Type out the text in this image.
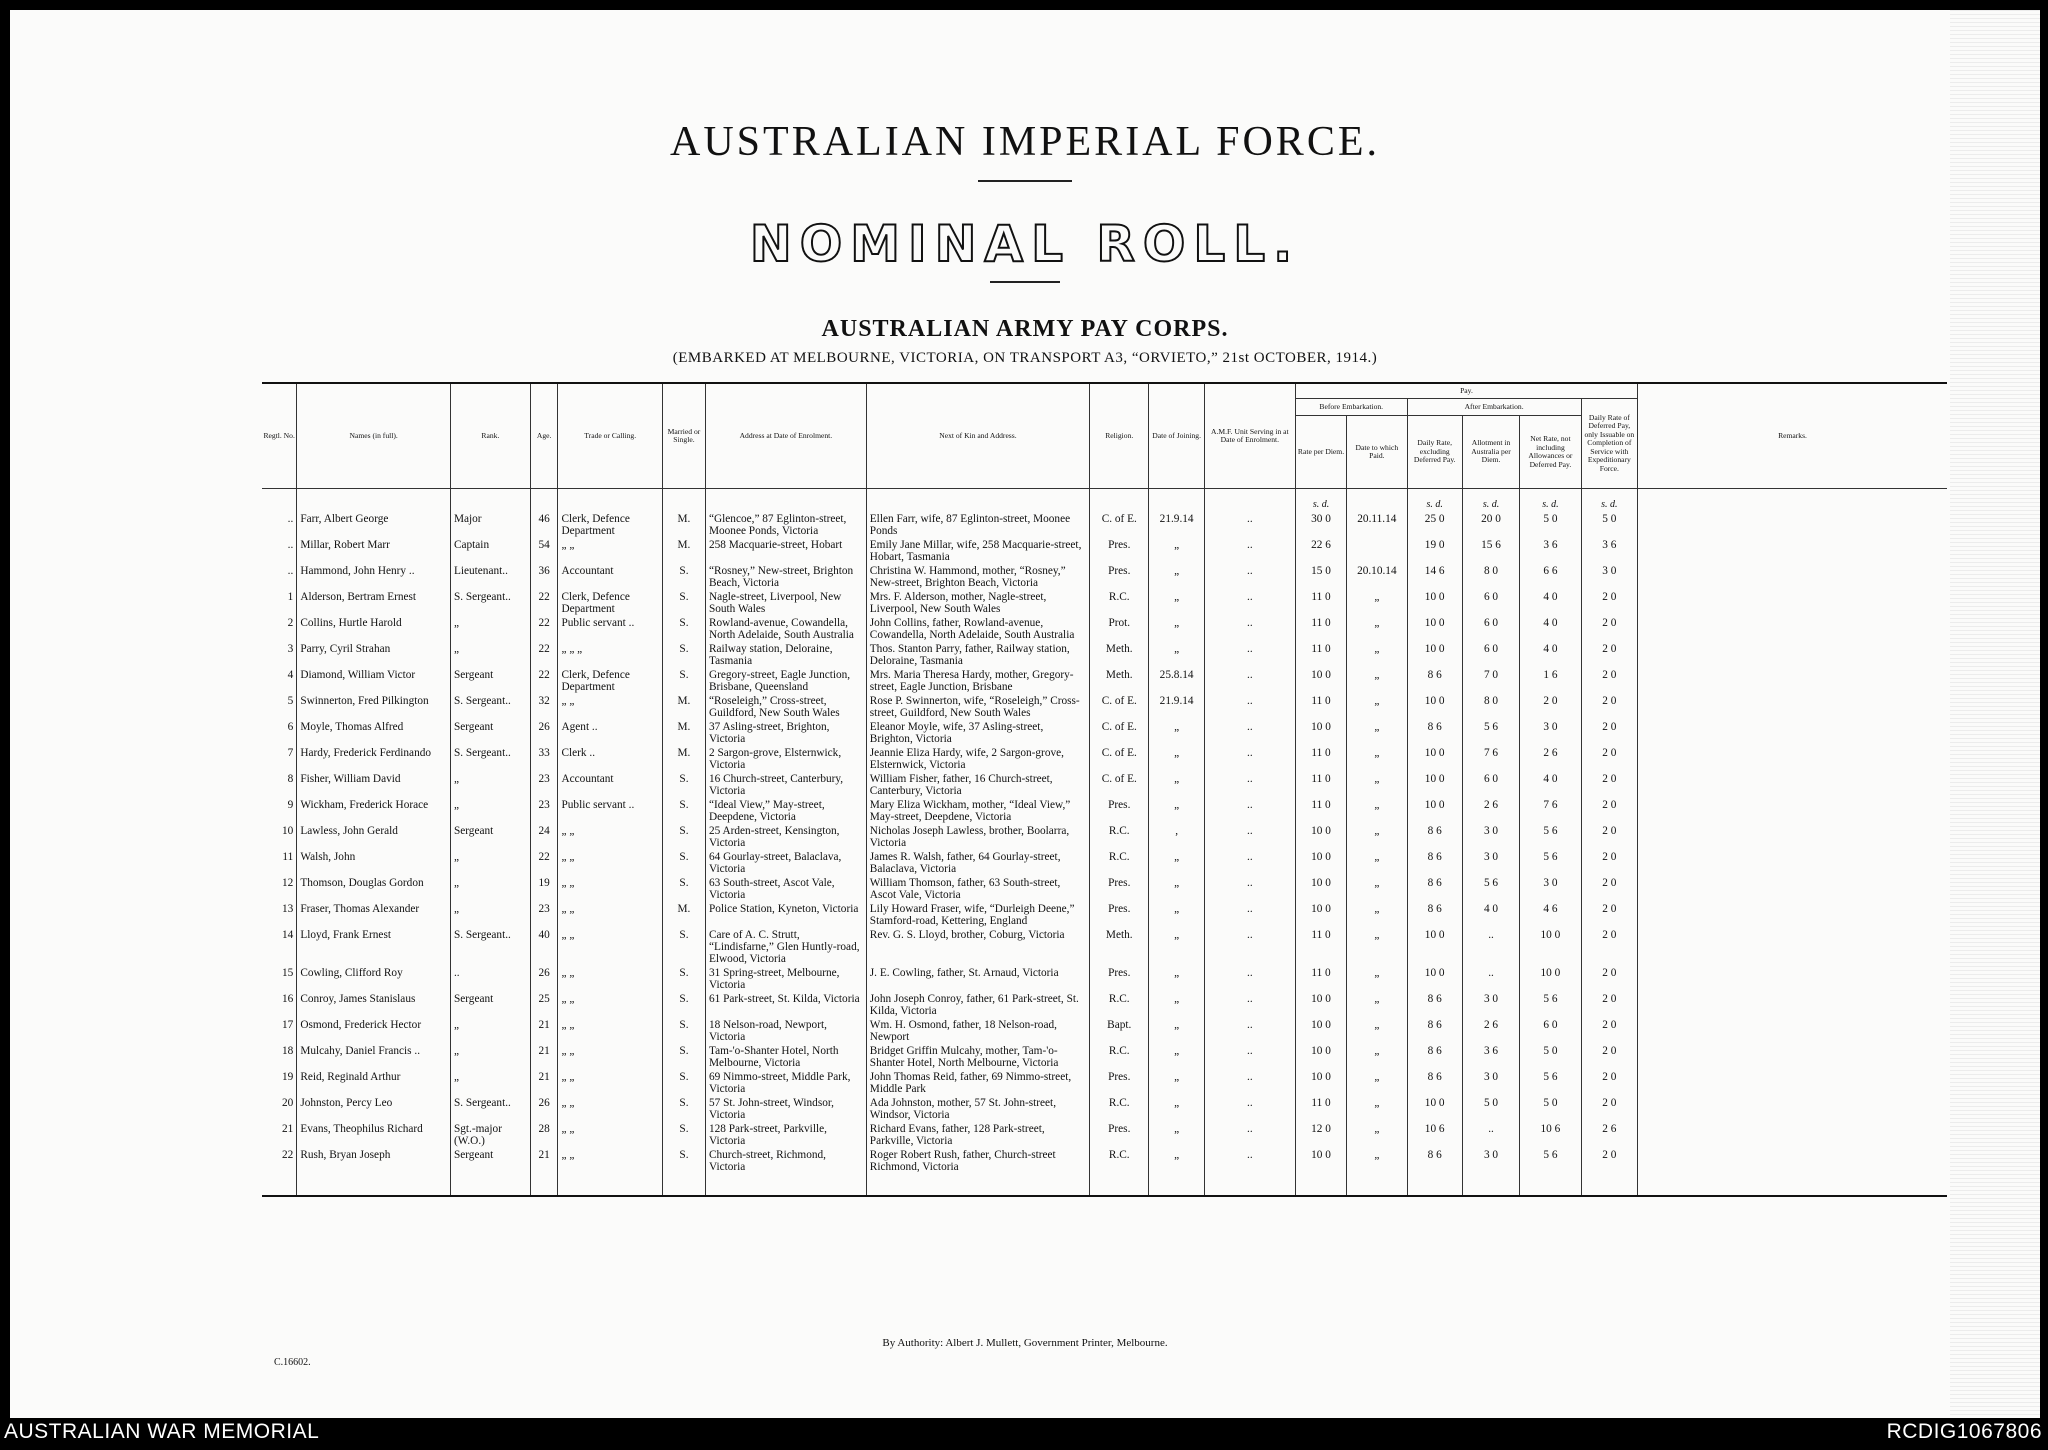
AUSTRALIAN IMPERIAL FORCE.
NOMINAL ROLL.
AUSTRALIAN ARMY PAY CORPS.
(EMBARKED AT MELBOURNE, VICTORIA, ON TRANSPORT A3, “ORVIETO,” 21st OCTOBER, 1914.)
Regtl. No.	Names (in full).	Rank.	Age.	Trade or Calling.	Married or Single.	Address at Date of Enrolment.	Next of Kin and Address.	Religion.	Date of Joining.	A.M.F. Unit Serving in at Date of Enrolment.	Pay.						Remarks.
											Before Embarkation.		After Embarkation.			Daily Rate of Deferred Pay, only Issuable on Completion of Service with Expeditionary Force.	
											Rate per Diem.	Date to which Paid.	Daily Rate, excluding Deferred Pay.	Allotment in Australia per Diem.	Net Rate, not including Allowances or Deferred Pay.		
											s. d.		s. d.	s. d.	s. d.	s. d.	
..	Farr, Albert George	Major	46	Clerk, Defence Department	M.	“Glencoe,” 87 Eglinton-street, Moonee Ponds, Victoria	Ellen Farr, wife, 87 Eglinton-street, Moonee Ponds	C. of E.	21.9.14	..	30 0	20.11.14	25 0	20 0	5 0	5 0	
..	Millar, Robert Marr	Captain	54	„ „	M.	258 Macquarie-street, Hobart	Emily Jane Millar, wife, 258 Macquarie-street, Hobart, Tasmania	Pres.	„	..	22 6		19 0	15 6	3 6	3 6	
..	Hammond, John Henry ..	Lieutenant..	36	Accountant	S.	“Rosney,” New-street, Brighton Beach, Victoria	Christina W. Hammond, mother, “Rosney,” New-street, Brighton Beach, Victoria	Pres.	„	..	15 0	20.10.14	14 6	8 0	6 6	3 0	
1	Alderson, Bertram Ernest	S. Sergeant..	22	Clerk, Defence Department	S.	Nagle-street, Liverpool, New South Wales	Mrs. F. Alderson, mother, Nagle-street, Liverpool, New South Wales	R.C.	„	..	11 0	„	10 0	6 0	4 0	2 0	
2	Collins, Hurtle Harold	„	22	Public servant ..	S.	Rowland-avenue, Cowandella, North Adelaide, South Australia	John Collins, father, Rowland-avenue, Cowandella, North Adelaide, South Australia	Prot.	„	..	11 0	„	10 0	6 0	4 0	2 0	
3	Parry, Cyril Strahan	„	22	„ „ „	S.	Railway station, Deloraine, Tasmania	Thos. Stanton Parry, father, Railway station, Deloraine, Tasmania	Meth.	„	..	11 0	„	10 0	6 0	4 0	2 0	
4	Diamond, William Victor	Sergeant	22	Clerk, Defence Department	S.	Gregory-street, Eagle Junction, Brisbane, Queensland	Mrs. Maria Theresa Hardy, mother, Gregory-street, Eagle Junction, Brisbane	Meth.	25.8.14	..	10 0	„	8 6	7 0	1 6	2 0	
5	Swinnerton, Fred Pilkington	S. Sergeant..	32	„ „	M.	“Roseleigh,” Cross-street, Guildford, New South Wales	Rose P. Swinnerton, wife, “Roseleigh,” Cross-street, Guildford, New South Wales	C. of E.	21.9.14	..	11 0	„	10 0	8 0	2 0	2 0	
6	Moyle, Thomas Alfred	Sergeant	26	Agent ..	M.	37 Asling-street, Brighton, Victoria	Eleanor Moyle, wife, 37 Asling-street, Brighton, Victoria	C. of E.	„	..	10 0	„	8 6	5 6	3 0	2 0	
7	Hardy, Frederick Ferdinando	S. Sergeant..	33	Clerk ..	M.	2 Sargon-grove, Elsternwick, Victoria	Jeannie Eliza Hardy, wife, 2 Sargon-grove, Elsternwick, Victoria	C. of E.	„	..	11 0	„	10 0	7 6	2 6	2 0	
8	Fisher, William David	„	23	Accountant	S.	16 Church-street, Canterbury, Victoria	William Fisher, father, 16 Church-street, Canterbury, Victoria	C. of E.	„	..	11 0	„	10 0	6 0	4 0	2 0	
9	Wickham, Frederick Horace	„	23	Public servant ..	S.	“Ideal View,” May-street, Deepdene, Victoria	Mary Eliza Wickham, mother, “Ideal View,” May-street, Deepdene, Victoria	Pres.	„	..	11 0	„	10 0	2 6	7 6	2 0	
10	Lawless, John Gerald	Sergeant	24	„ „	S.	25 Arden-street, Kensington, Victoria	Nicholas Joseph Lawless, brother, Boolarra, Victoria	R.C.	,	..	10 0	„	8 6	3 0	5 6	2 0	
11	Walsh, John	„	22	„ „	S.	64 Gourlay-street, Balaclava, Victoria	James R. Walsh, father, 64 Gourlay-street, Balaclava, Victoria	R.C.	„	..	10 0	„	8 6	3 0	5 6	2 0	
12	Thomson, Douglas Gordon	„	19	„ „	S.	63 South-street, Ascot Vale, Victoria	William Thomson, father, 63 South-street, Ascot Vale, Victoria	Pres.	„	..	10 0	„	8 6	5 6	3 0	2 0	
13	Fraser, Thomas Alexander	„	23	„ „	M.	Police Station, Kyneton, Victoria	Lily Howard Fraser, wife, “Durleigh Deene,” Stamford-road, Kettering, England	Pres.	„	..	10 0	„	8 6	4 0	4 6	2 0	
14	Lloyd, Frank Ernest	S. Sergeant..	40	„ „	S.	Care of A. C. Strutt, “Lindisfarne,” Glen Huntly-road, Elwood, Victoria	Rev. G. S. Lloyd, brother, Coburg, Victoria	Meth.	„	..	11 0	„	10 0	..	10 0	2 0	
15	Cowling, Clifford Roy	..	26	„ „	S.	31 Spring-street, Melbourne, Victoria	J. E. Cowling, father, St. Arnaud, Victoria	Pres.	„	..	11 0	„	10 0	..	10 0	2 0	
16	Conroy, James Stanislaus	Sergeant	25	„ „	S.	61 Park-street, St. Kilda, Victoria	John Joseph Conroy, father, 61 Park-street, St. Kilda, Victoria	R.C.	„	..	10 0	„	8 6	3 0	5 6	2 0	
17	Osmond, Frederick Hector	„	21	„ „	S.	18 Nelson-road, Newport, Victoria	Wm. H. Osmond, father, 18 Nelson-road, Newport	Bapt.	„	..	10 0	„	8 6	2 6	6 0	2 0	
18	Mulcahy, Daniel Francis ..	„	21	„ „	S.	Tam-'o-Shanter Hotel, North Melbourne, Victoria	Bridget Griffin Mulcahy, mother, Tam-'o-Shanter Hotel, North Melbourne, Victoria	R.C.	„	..	10 0	„	8 6	3 6	5 0	2 0	
19	Reid, Reginald Arthur	„	21	„ „	S.	69 Nimmo-street, Middle Park, Victoria	John Thomas Reid, father, 69 Nimmo-street, Middle Park	Pres.	„	..	10 0	„	8 6	3 0	5 6	2 0	
20	Johnston, Percy Leo	S. Sergeant..	26	„ „	S.	57 St. John-street, Windsor, Victoria	Ada Johnston, mother, 57 St. John-street, Windsor, Victoria	R.C.	„	..	11 0	„	10 0	5 0	5 0	2 0	
21	Evans, Theophilus Richard	Sgt.-major (W.O.)	28	„ „	S.	128 Park-street, Parkville, Victoria	Richard Evans, father, 128 Park-street, Parkville, Victoria	Pres.	„	..	12 0	„	10 6	..	10 6	2 6	
22	Rush, Bryan Joseph	Sergeant	21	„ „	S.	Church-street, Richmond, Victoria	Roger Robert Rush, father, Church-street Richmond, Victoria	R.C.	„	..	10 0	„	8 6	3 0	5 6	2 0	
By Authority: Albert J. Mullett, Government Printer, Melbourne.
C.16602.
AUSTRALIAN WAR MEMORIAL	RCDIG1067806
